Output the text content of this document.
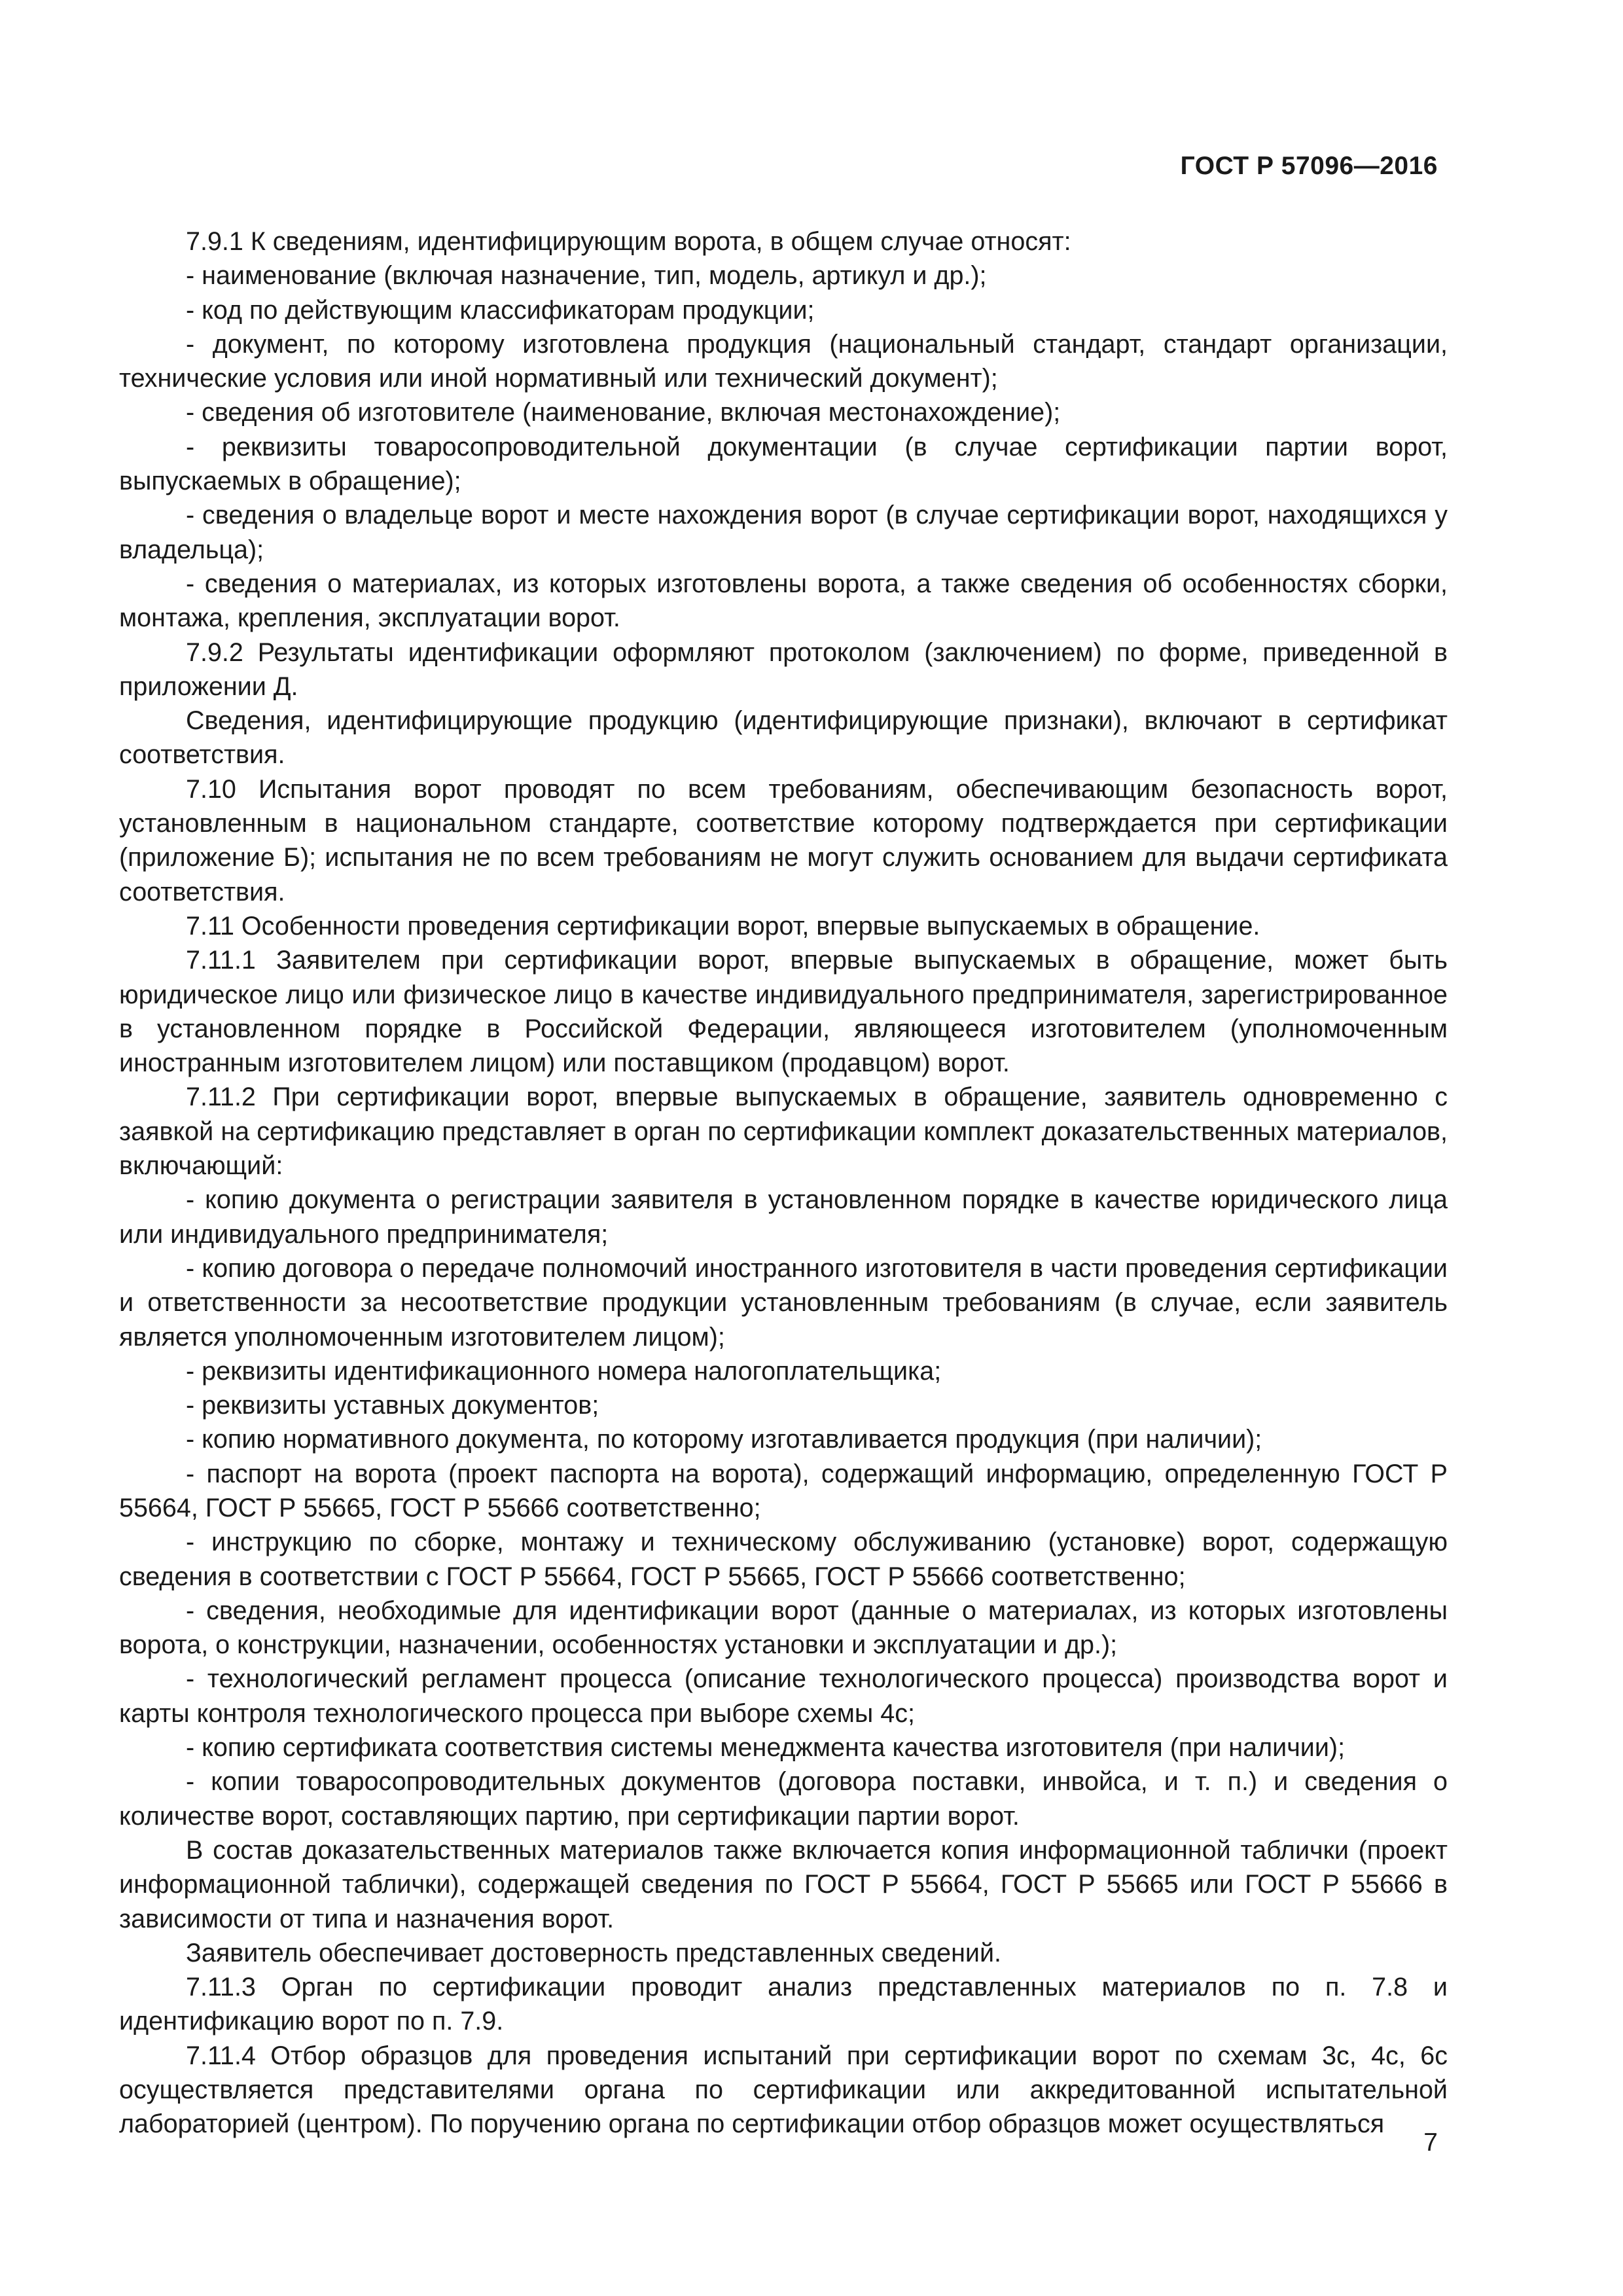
ГОСТ Р 57096—2016

7.9.1 К сведениям, идентифицирующим ворота, в общем случае относят:

- наименование (включая назначение, тип, модель, артикул и др.);

- код по действующим классификаторам продукции;

- документ, по которому изготовлена продукция (национальный стандарт, стандарт организации, технические условия или иной нормативный или технический документ);

- сведения об изготовителе (наименование, включая местонахождение);

- реквизиты товаросопроводительной документации (в случае сертификации партии ворот, выпускаемых в обращение);

- сведения о владельце ворот и месте нахождения ворот (в случае сертификации ворот, находящихся у владельца);

- сведения о материалах, из которых изготовлены ворота, а также сведения об особенностях сборки, монтажа, крепления, эксплуатации ворот.

7.9.2 Результаты идентификации оформляют протоколом (заключением) по форме, приведенной в приложении Д.

Сведения, идентифицирующие продукцию (идентифицирующие признаки), включают в сертификат соответствия.

7.10 Испытания ворот проводят по всем требованиям, обеспечивающим безопасность ворот, установленным в национальном стандарте, соответствие которому подтверждается при сертификации (приложение Б); испытания не по всем требованиям не могут служить основанием для выдачи сертификата соответствия.

7.11 Особенности проведения сертификации ворот, впервые выпускаемых в обращение.

7.11.1 Заявителем при сертификации ворот, впервые выпускаемых в обращение, может быть юридическое лицо или физическое лицо в качестве индивидуального предпринимателя, зарегистрированное в установленном порядке в Российской Федерации, являющееся изготовителем (уполномоченным иностранным изготовителем лицом) или поставщиком (продавцом) ворот.

7.11.2 При сертификации ворот, впервые выпускаемых в обращение, заявитель одновременно с заявкой на сертификацию представляет в орган по сертификации комплект доказательственных материалов, включающий:

- копию документа о регистрации заявителя в установленном порядке в качестве юридического лица или индивидуального предпринимателя;

- копию договора о передаче полномочий иностранного изготовителя в части проведения сертификации и ответственности за несоответствие продукции установленным требованиям (в случае, если заявитель является уполномоченным изготовителем лицом);

- реквизиты идентификационного номера налогоплательщика;

- реквизиты уставных документов;

- копию нормативного документа, по которому изготавливается продукция (при наличии);

- паспорт на ворота (проект паспорта на ворота), содержащий информацию, определенную ГОСТ Р 55664, ГОСТ Р 55665, ГОСТ Р 55666 соответственно;

- инструкцию по сборке, монтажу и техническому обслуживанию (установке) ворот, содержащую сведения в соответствии с ГОСТ Р 55664, ГОСТ Р 55665, ГОСТ Р 55666 соответственно;

- сведения, необходимые для идентификации ворот (данные о материалах, из которых изготовлены ворота, о конструкции, назначении, особенностях установки и эксплуатации и др.);

- технологический регламент процесса (описание технологического процесса) производства ворот и карты контроля технологического процесса при выборе схемы 4с;

- копию сертификата соответствия системы менеджмента качества изготовителя (при наличии);

- копии товаросопроводительных документов (договора поставки, инвойса, и т. п.) и сведения о количестве ворот, составляющих партию, при сертификации партии ворот.

В состав доказательственных материалов также включается копия информационной таблички (проект информационной таблички), содержащей сведения по ГОСТ Р 55664, ГОСТ Р 55665 или ГОСТ Р 55666 в зависимости от типа и назначения ворот.

Заявитель обеспечивает достоверность представленных сведений.

7.11.3 Орган по сертификации проводит анализ представленных материалов по п. 7.8 и идентификацию ворот по п. 7.9.

7.11.4 Отбор образцов для проведения испытаний при сертификации ворот по схемам 3с, 4с, 6с осуществляется представителями органа по сертификации или аккредитованной испытательной лабораторией (центром). По поручению органа по сертификации отбор образцов может осуществляться

7
